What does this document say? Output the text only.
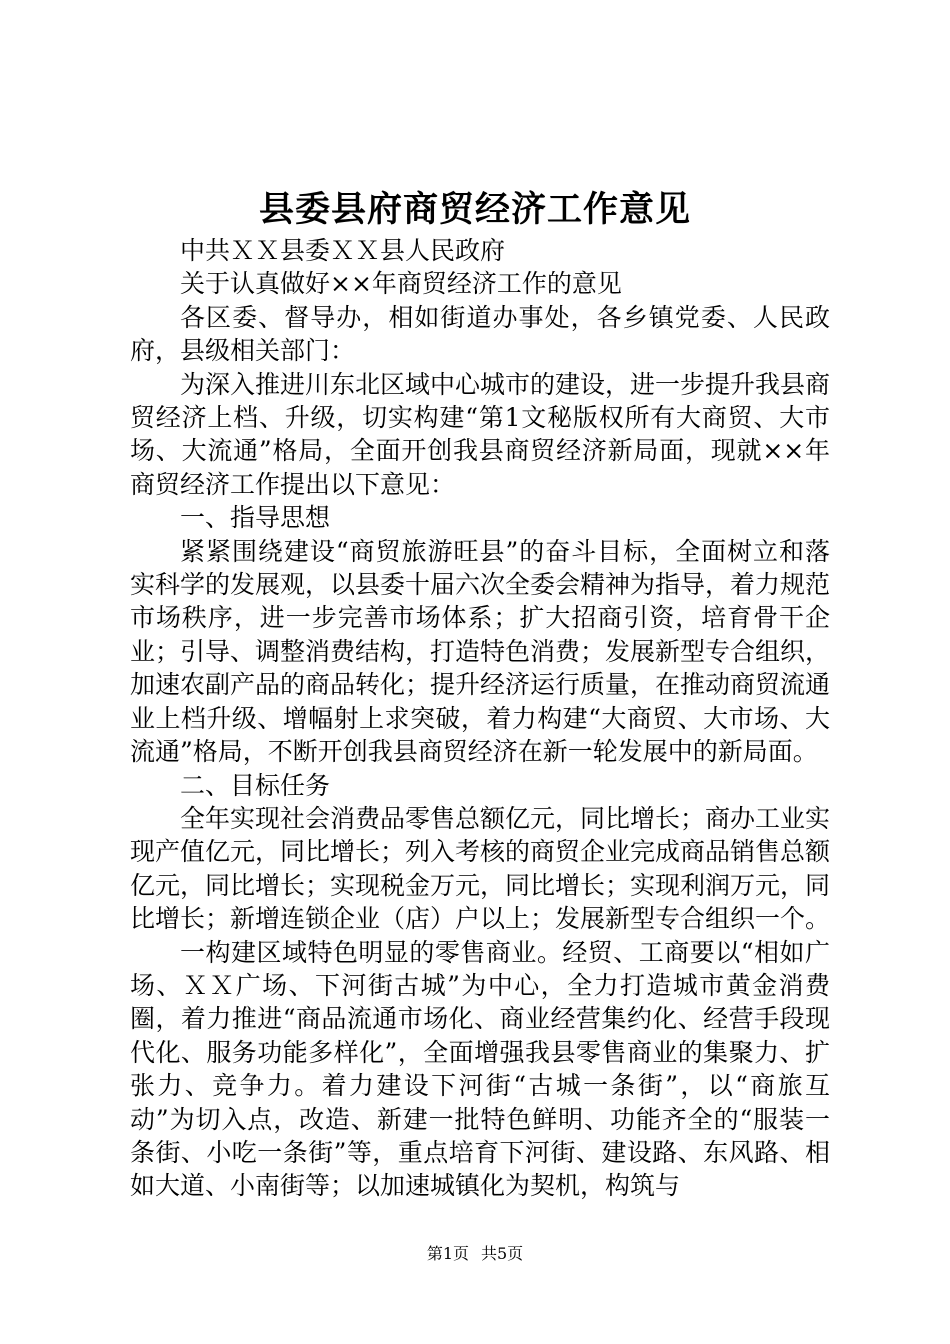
县委县府商贸经济工作意见

中共ＸＸ县委ＸＸ县人民政府

关于认真做好××年商贸经济工作的意见

各区委、督导办，相如街道办事处，各乡镇党委、人民政府，县级相关部门：

为深入推进川东北区域中心城市的建设，进一步提升我县商贸经济上档、升级，切实构建“第1文秘版权所有大商贸、大市场、大流通”格局，全面开创我县商贸经济新局面，现就××年商贸经济工作提出以下意见：

一、指导思想

紧紧围绕建设“商贸旅游旺县”的奋斗目标，全面树立和落实科学的发展观，以县委十届六次全委会精神为指导，着力规范市场秩序，进一步完善市场体系；扩大招商引资，培育骨干企业；引导、调整消费结构，打造特色消费；发展新型专合组织，加速农副产品的商品转化；提升经济运行质量，在推动商贸流通业上档升级、增幅射上求突破，着力构建“大商贸、大市场、大流通”格局，不断开创我县商贸经济在新一轮发展中的新局面。

二、目标任务

全年实现社会消费品零售总额亿元，同比增长；商办工业实现产值亿元，同比增长；列入考核的商贸企业完成商品销售总额亿元，同比增长；实现税金万元，同比增长；实现利润万元，同比增长；新增连锁企业（店）户以上；发展新型专合组织一个。

一构建区域特色明显的零售商业。经贸、工商要以“相如广场、ＸＸ广场、下河街古城”为中心，全力打造城市黄金消费圈，着力推进“商品流通市场化、商业经营集约化、经营手段现代化、服务功能多样化”，全面增强我县零售商业的集聚力、扩张力、竞争力。着力建设下河街“古城一条街”，以“商旅互动”为切入点，改造、新建一批特色鲜明、功能齐全的“服装一条街、小吃一条街”等，重点培育下河街、建设路、东风路、相如大道、小南街等；以加速城镇化为契机，构筑与

第1页 共5页
